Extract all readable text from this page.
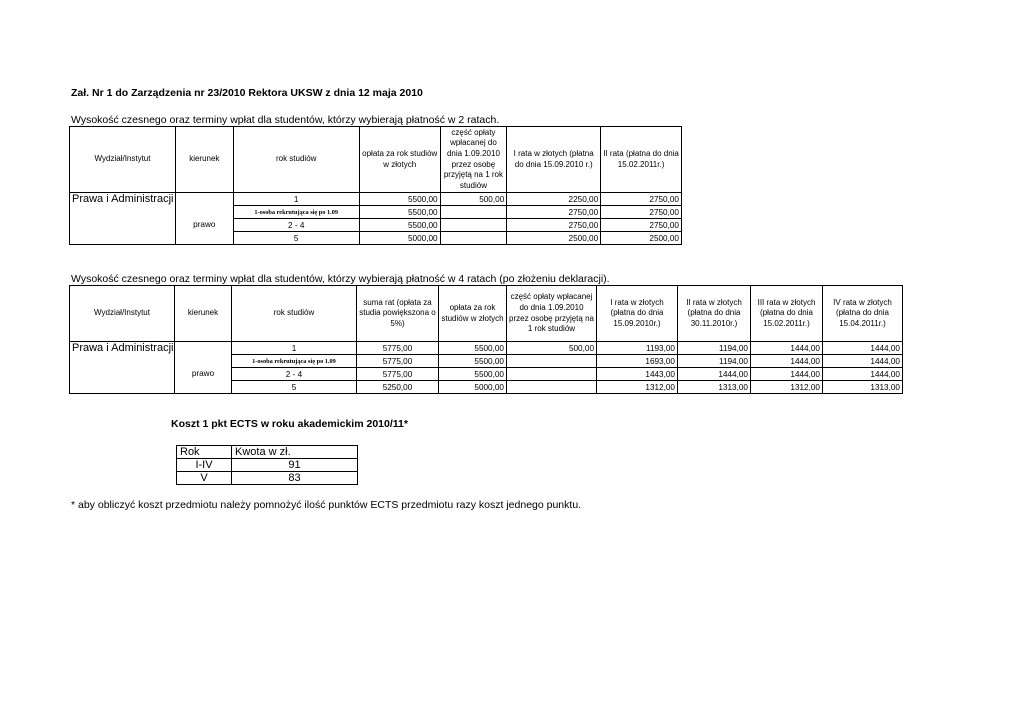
Zał. Nr 1 do Zarządzenia nr 23/2010 Rektora UKSW z dnia 12 maja 2010
Wysokość czesnego oraz terminy wpłat dla studentów, którzy wybierają płatność w 2 ratach.
Wydział/Instytut	kierunek	rok studiów	opłata za rok studiów w złotych	część opłaty wpłacanej do dnia 1.09.2010 przez osobę przyjętą na 1 rok studiów	I rata w złotych (płatna do dnia 15.09.2010 r.)	II rata (płatna do dnia 15.02.2011r.)
Prawa i Administracji		1	5500,00	500,00	2250,00	2750,00
	prawo	1-osoba rekrutująca się po 1.09	5500,00		2750,00	2750,00
		2 - 4	5500,00		2750,00	2750,00
		5	5000,00		2500,00	2500,00
Wysokość czesnego oraz terminy wpłat dla studentów, którzy wybierają płatność w 4 ratach (po złożeniu deklaracji).
Wydział/Instytut	kierunek	rok studiów	suma rat (opłata za studia powiększona o 5%)	opłata za rok studiów w złotych	część opłaty wpłacanej do dnia 1.09.2010 przez osobę przyjętą na 1 rok studiów	I rata w złotych (płatna do dnia 15.09.2010r.)	II rata w złotych (płatna do dnia 30.11.2010r.)	III rata w złotych (płatna do dnia 15.02.2011r.)	IV rata w złotych (płatna do dnia 15.04.2011r.)
Prawa i Administracji		1	5775,00	5500,00	500,00	1193,00	1194,00	1444,00	1444,00
	prawo	1-osoba rekrutująca się po 1.09	5775,00	5500,00		1693,00	1194,00	1444,00	1444,00
		2 - 4	5775,00	5500,00		1443,00	1444,00	1444,00	1444,00
		5	5250,00	5000,00		1312,00	1313,00	1312,00	1313,00
Koszt 1 pkt ECTS w roku akademickim 2010/11*
Rok	Kwota w zł.
I-IV	91
V	83
* aby obliczyć koszt przedmiotu należy pomnożyć ilość punktów ECTS przedmiotu razy koszt jednego punktu.
